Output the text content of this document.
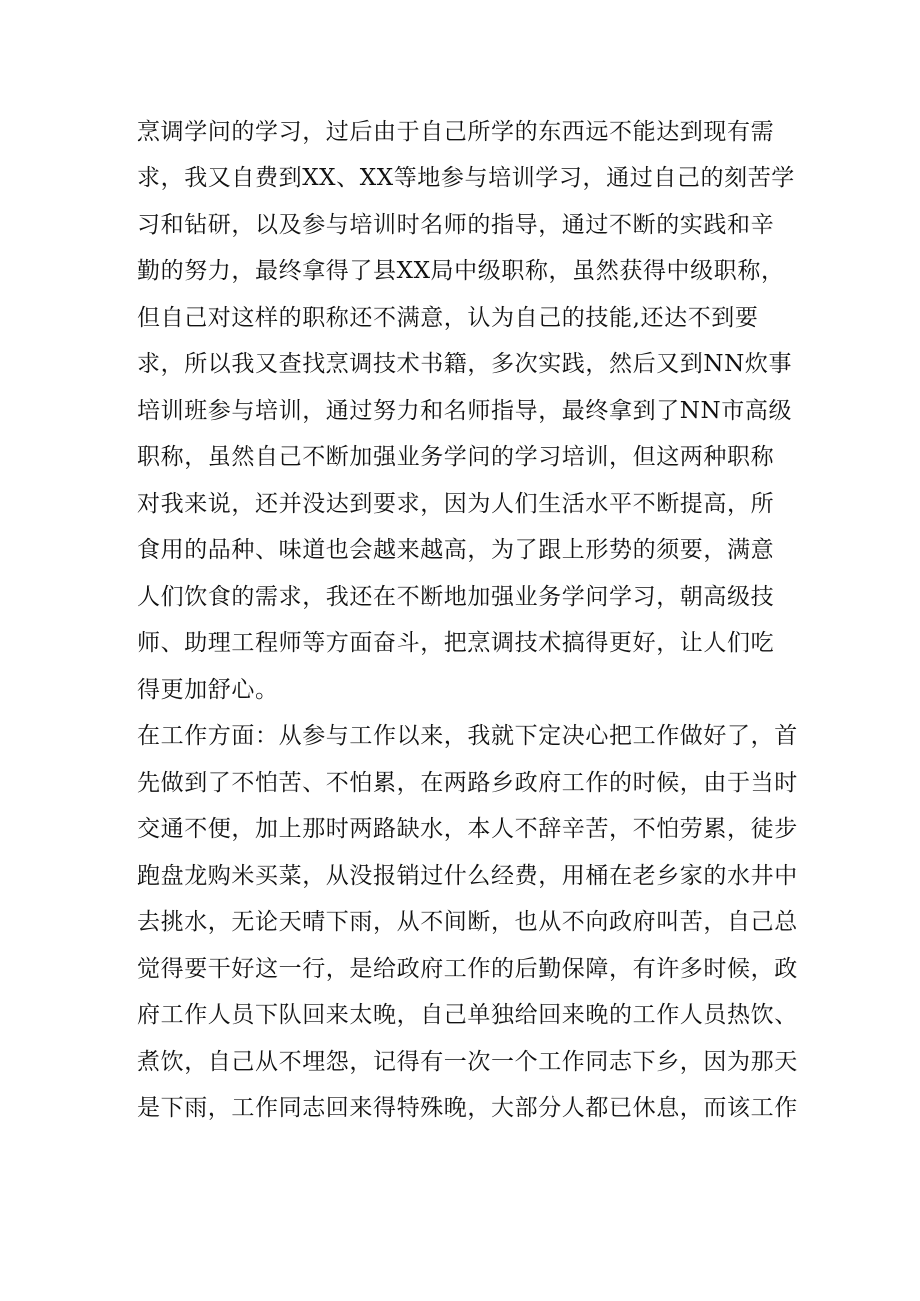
烹调学问的学习，过后由于自己所学的东西远不能达到现有需
求，我又自费到XX、XX等地参与培训学习，通过自己的刻苦学
习和钻研，以及参与培训时名师的指导，通过不断的实践和辛
勤的努力，最终拿得了县XX局中级职称，虽然获得中级职称，
但自己对这样的职称还不满意，认为自己的技能,还达不到要
求，所以我又查找烹调技术书籍，多次实践，然后又到NN炊事
培训班参与培训，通过努力和名师指导，最终拿到了NN市高级
职称，虽然自己不断加强业务学问的学习培训，但这两种职称
对我来说，还并没达到要求，因为人们生活水平不断提高，所
食用的品种、味道也会越来越高，为了跟上形势的须要，满意
人们饮食的需求，我还在不断地加强业务学问学习，朝高级技
师、助理工程师等方面奋斗，把烹调技术搞得更好，让人们吃
得更加舒心。
在工作方面：从参与工作以来，我就下定决心把工作做好了，首
先做到了不怕苦、不怕累，在两路乡政府工作的时候，由于当时
交通不便，加上那时两路缺水，本人不辞辛苦，不怕劳累，徒步
跑盘龙购米买菜，从没报销过什么经费，用桶在老乡家的水井中
去挑水，无论天晴下雨，从不间断，也从不向政府叫苦，自己总
觉得要干好这一行，是给政府工作的后勤保障，有许多时候，政
府工作人员下队回来太晚，自己单独给回来晚的工作人员热饮、
煮饮，自己从不埋怨，记得有一次一个工作同志下乡，因为那天
是下雨，工作同志回来得特殊晚，大部分人都已休息，而该工作
